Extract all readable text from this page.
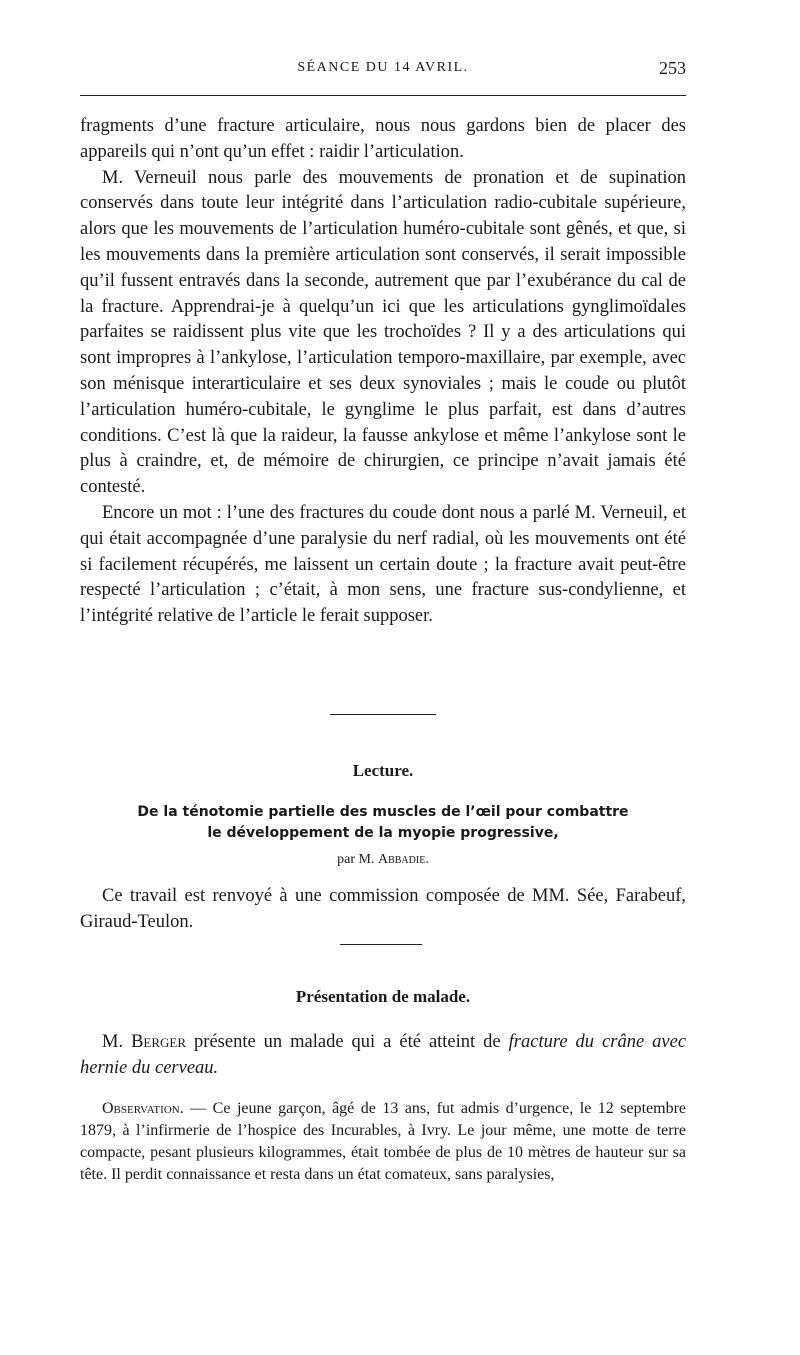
SÉANCE DU 14 AVRIL.	253

fragments d’une fracture articulaire, nous nous gardons bien de placer des appareils qui n’ont qu’un effet : raidir l’articulation.

M. Verneuil nous parle des mouvements de pronation et de supination conservés dans toute leur intégrité dans l’articulation radio-cubitale supérieure, alors que les mouvements de l’articulation huméro-cubitale sont gênés, et que, si les mouvements dans la première articulation sont conservés, il serait impossible qu’il fussent entravés dans la seconde, autrement que par l’exubérance du cal de la fracture. Apprendrai-je à quelqu’un ici que les articulations gynglimoïdales parfaites se raidissent plus vite que les trochoïdes ? Il y a des articulations qui sont impropres à l’ankylose, l’articulation temporo-maxillaire, par exemple, avec son ménisque interarticulaire et ses deux synoviales ; mais le coude ou plutôt l’articulation huméro-cubitale, le gynglime le plus parfait, est dans d’autres conditions. C’est là que la raideur, la fausse ankylose et même l’ankylose sont le plus à craindre, et, de mémoire de chirurgien, ce principe n’avait jamais été contesté.

Encore un mot : l’une des fractures du coude dont nous a parlé M. Verneuil, et qui était accompagnée d’une paralysie du nerf radial, où les mouvements ont été si facilement récupérés, me laissent un certain doute ; la fracture avait peut-être respecté l’articulation ; c’était, à mon sens, une fracture sus-condylienne, et l’intégrité relative de l’article le ferait supposer.

Lecture.
De la ténotomie partielle des muscles de l’œil pour combattre
le développement de la myopie progressive,
par M. Abbadie.

Ce travail est renvoyé à une commission composée de MM. Sée, Farabeuf, Giraud-Teulon.

Présentation de malade.

M. Berger présente un malade qui a été atteint de fracture du crâne avec hernie du cerveau.

Observation. — Ce jeune garçon, âgé de 13 ans, fut admis d’urgence, le 12 septembre 1879, à l’infirmerie de l’hospice des Incurables, à Ivry. Le jour même, une motte de terre compacte, pesant plusieurs kilogrammes, était tombée de plus de 10 mètres de hauteur sur sa tête. Il perdit connaissance et resta dans un état comateux, sans paralysies,
